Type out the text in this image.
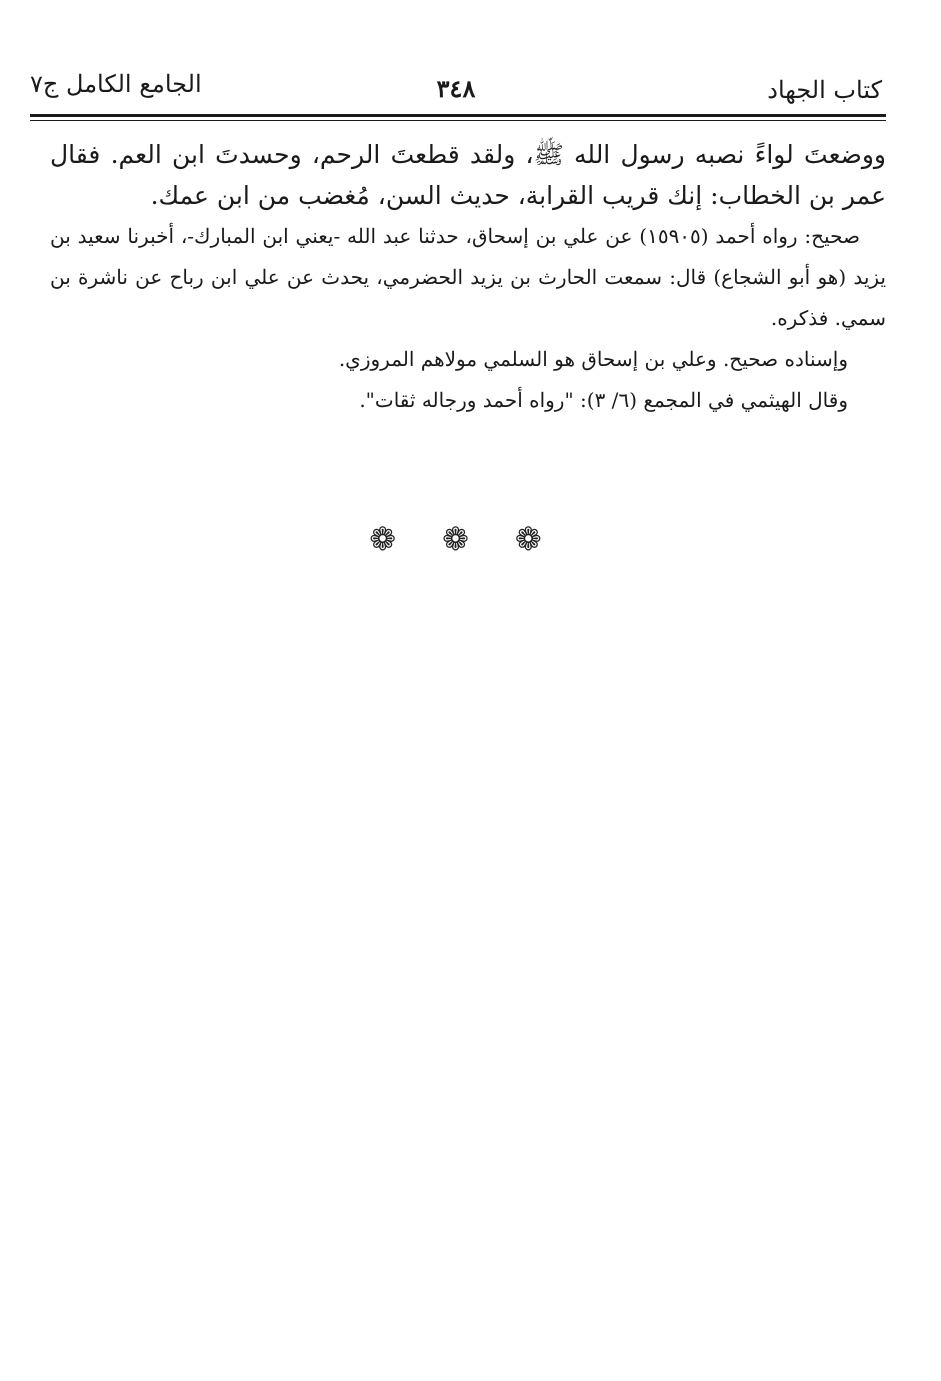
كتاب الجهاد
٣٤٨
الجامع الكامل ج٧

ووضعتَ لواءً نصبه رسول الله ﷺ، ولقد قطعتَ الرحم، وحسدتَ ابن العم. فقال عمر بن الخطاب: إنك قريب القرابة، حديث السن، مُغضب من ابن عمك.

صحيح: رواه أحمد (١٥٩٠٥) عن علي بن إسحاق، حدثنا عبد الله -يعني ابن المبارك-، أخبرنا سعيد بن يزيد (هو أبو الشجاع) قال: سمعت الحارث بن يزيد الحضرمي، يحدث عن علي ابن رباح عن ناشرة بن سمي. فذكره.

وإسناده صحيح. وعلي بن إسحاق هو السلمي مولاهم المروزي.

وقال الهيثمي في المجمع (٦/ ٣): "رواه أحمد ورجاله ثقات".

❁ ❁ ❁
